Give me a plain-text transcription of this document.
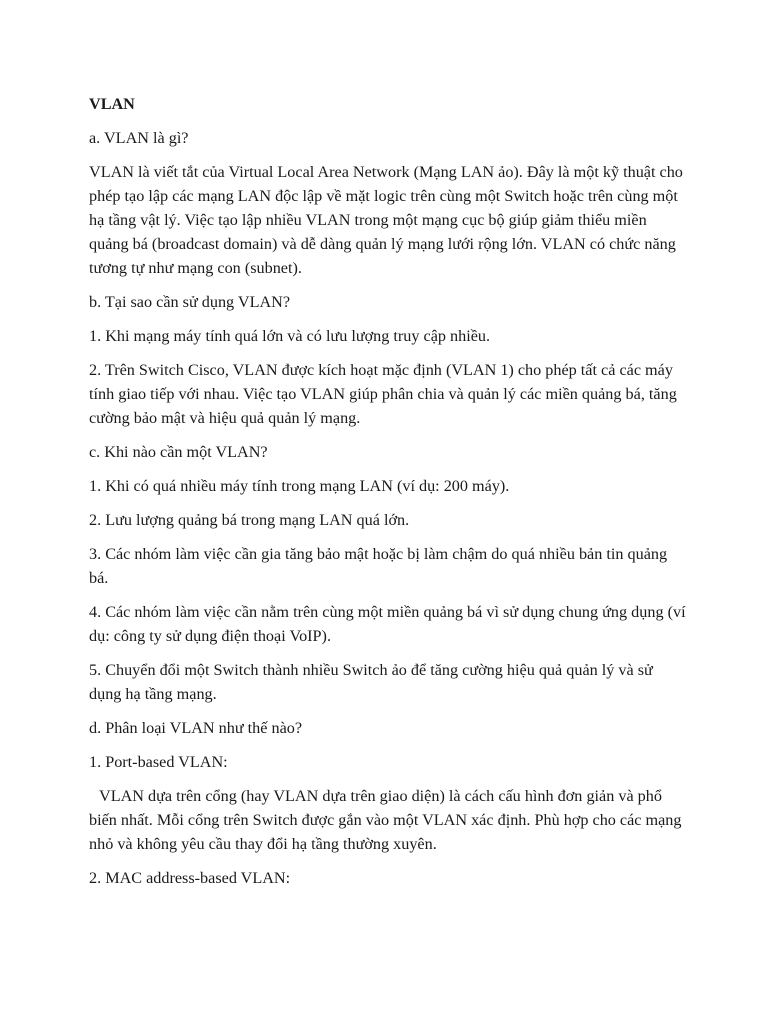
VLAN

a. VLAN là gì?

VLAN là viết tắt của Virtual Local Area Network (Mạng LAN ảo). Đây là một kỹ thuật cho phép tạo lập các mạng LAN độc lập về mặt logic trên cùng một Switch hoặc trên cùng một hạ tầng vật lý. Việc tạo lập nhiều VLAN trong một mạng cục bộ giúp giảm thiểu miền quảng bá (broadcast domain) và dễ dàng quản lý mạng lưới rộng lớn. VLAN có chức năng tương tự như mạng con (subnet).

b. Tại sao cần sử dụng VLAN?

1. Khi mạng máy tính quá lớn và có lưu lượng truy cập nhiều.

2. Trên Switch Cisco, VLAN được kích hoạt mặc định (VLAN 1) cho phép tất cả các máy tính giao tiếp với nhau. Việc tạo VLAN giúp phân chia và quản lý các miền quảng bá, tăng cường bảo mật và hiệu quả quản lý mạng.

c. Khi nào cần một VLAN?

1. Khi có quá nhiều máy tính trong mạng LAN (ví dụ: 200 máy).

2. Lưu lượng quảng bá trong mạng LAN quá lớn.

3. Các nhóm làm việc cần gia tăng bảo mật hoặc bị làm chậm do quá nhiều bản tin quảng bá.

4. Các nhóm làm việc cần nằm trên cùng một miền quảng bá vì sử dụng chung ứng dụng (ví dụ: công ty sử dụng điện thoại VoIP).

5. Chuyển đổi một Switch thành nhiều Switch ảo để tăng cường hiệu quả quản lý và sử dụng hạ tầng mạng.

d. Phân loại VLAN như thế nào?

1. Port-based VLAN:

VLAN dựa trên cổng (hay VLAN dựa trên giao diện) là cách cấu hình đơn giản và phổ biến nhất. Mỗi cổng trên Switch được gắn vào một VLAN xác định. Phù hợp cho các mạng nhỏ và không yêu cầu thay đổi hạ tầng thường xuyên.

2. MAC address-based VLAN:
